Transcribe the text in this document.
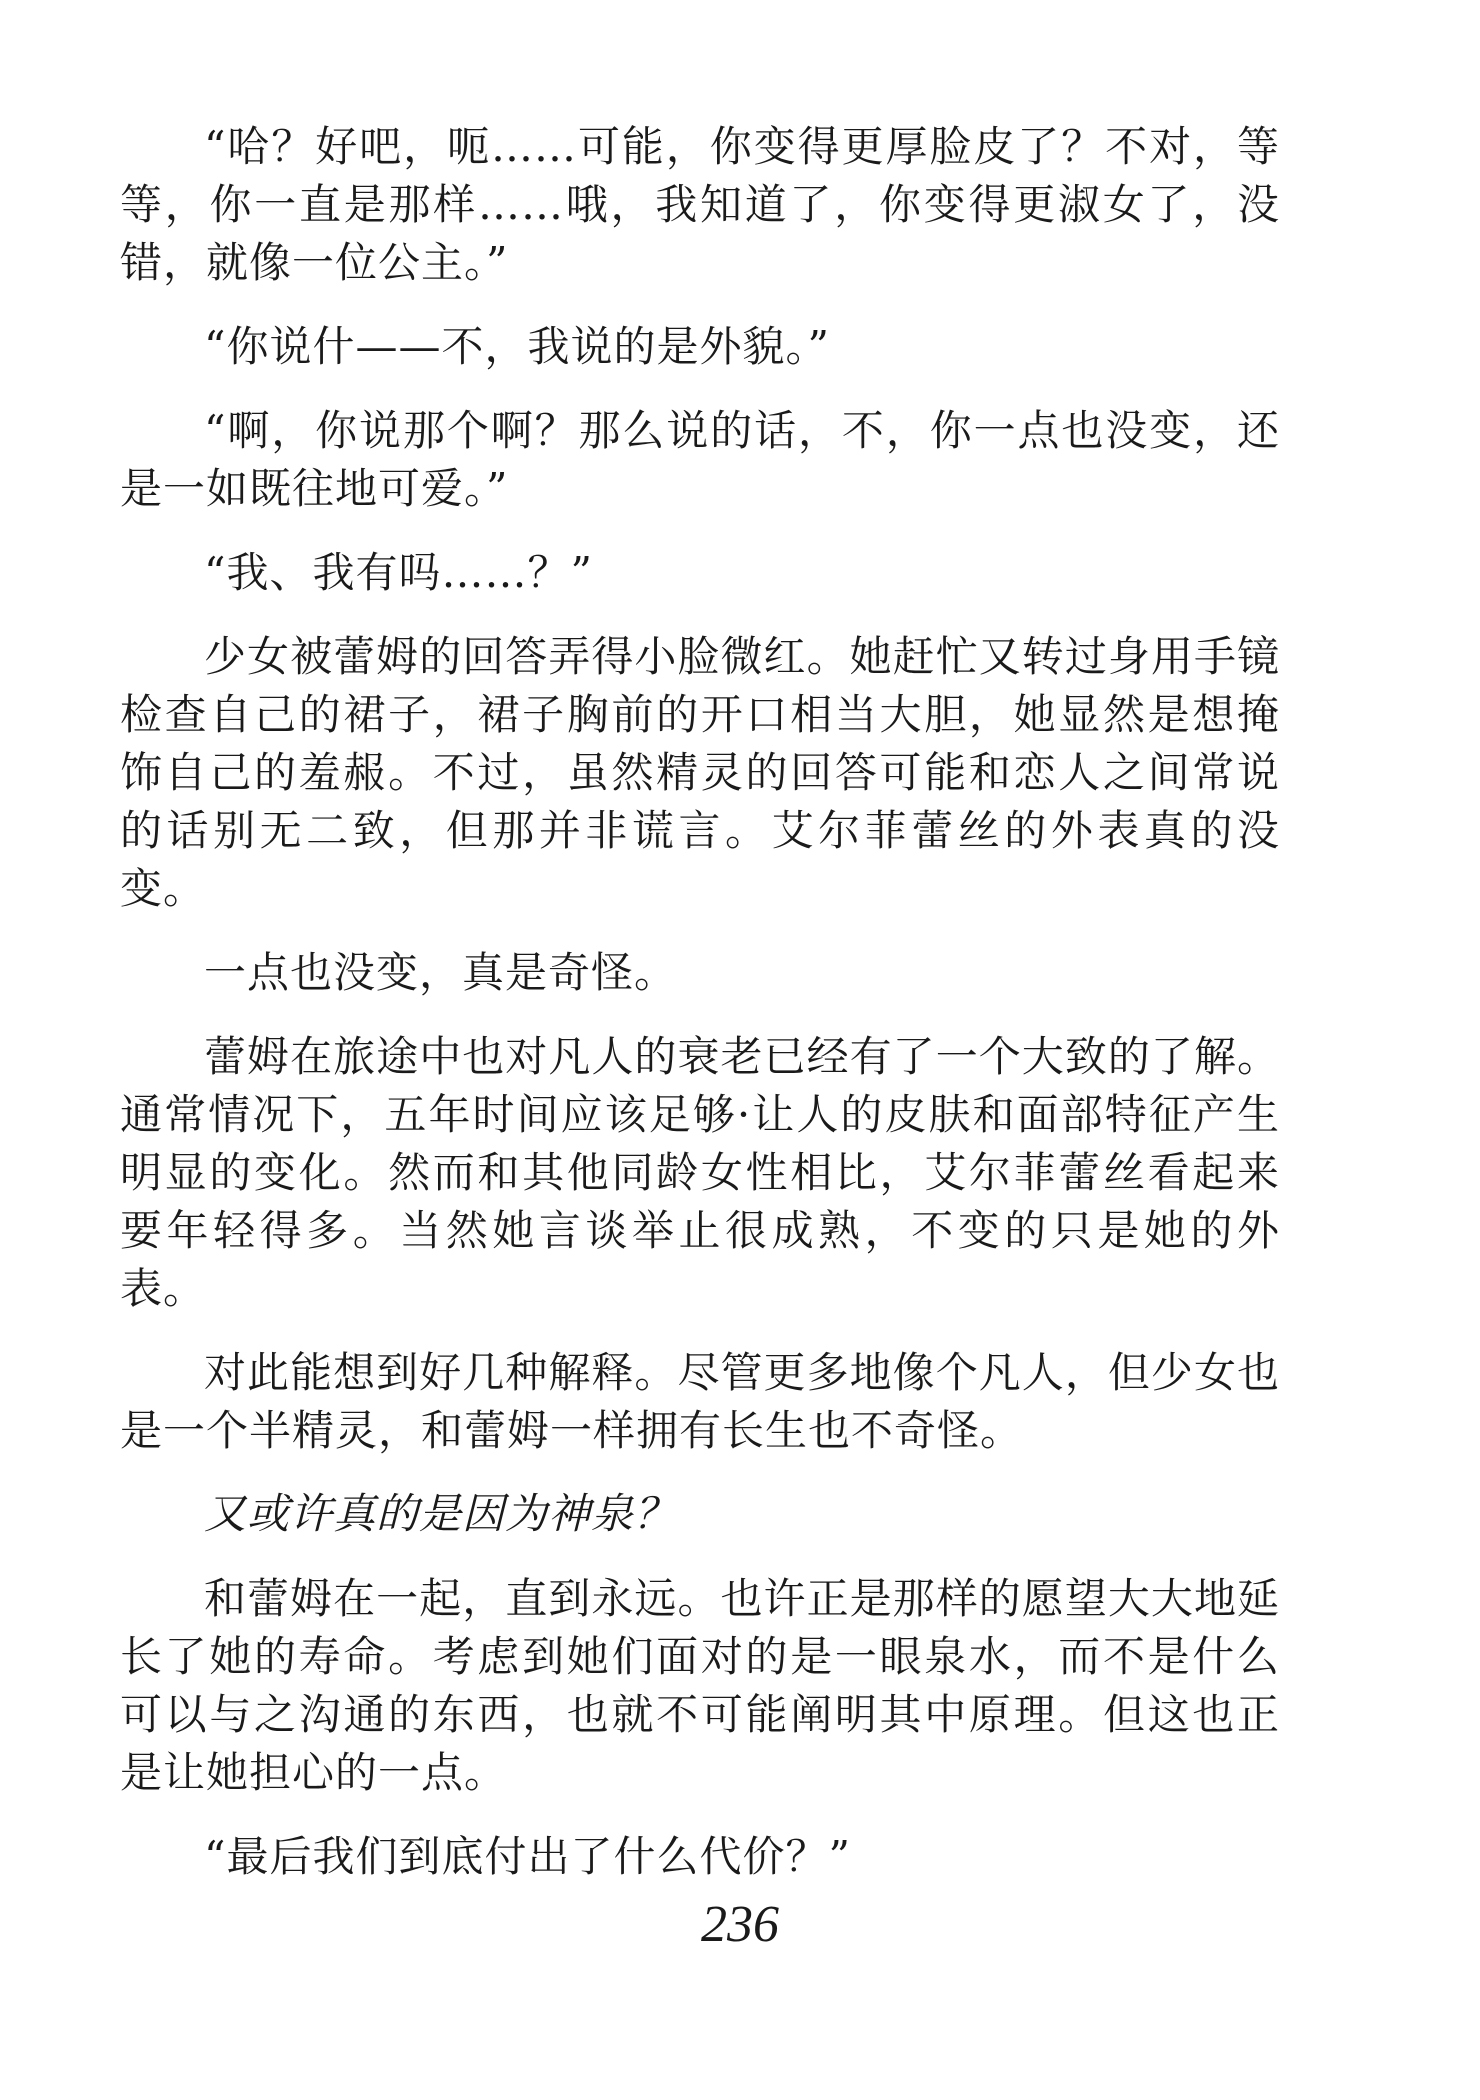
“哈？好吧，呃……可能，你变得更厚脸皮了？不对，等等，你一直是那样……哦，我知道了，你变得更淑女了，没错，就像一位公主。”

“你说什——不，我说的是外貌。”

“啊，你说那个啊？那么说的话，不，你一点也没变，还是一如既往地可爱。”

“我、我有吗……？”

少女被蕾姆的回答弄得小脸微红。她赶忙又转过身用手镜检查自己的裙子，裙子胸前的开口相当大胆，她显然是想掩饰自己的羞赧。不过，虽然精灵的回答可能和恋人之间常说的话别无二致，但那并非谎言。艾尔菲蕾丝的外表真的没变。

一点也没变，真是奇怪。

蕾姆在旅途中也对凡人的衰老已经有了一个大致的了解。通常情况下，五年时间应该足够·让人的皮肤和面部特征产生明显的变化。然而和其他同龄女性相比，艾尔菲蕾丝看起来要年轻得多。当然她言谈举止很成熟，不变的只是她的外表。

对此能想到好几种解释。尽管更多地像个凡人，但少女也是一个半精灵，和蕾姆一样拥有长生也不奇怪。

又或许真的是因为神泉？

和蕾姆在一起，直到永远。也许正是那样的愿望大大地延长了她的寿命。考虑到她们面对的是一眼泉水，而不是什么可以与之沟通的东西，也就不可能阐明其中原理。但这也正是让她担心的一点。

“最后我们到底付出了什么代价？”

236
